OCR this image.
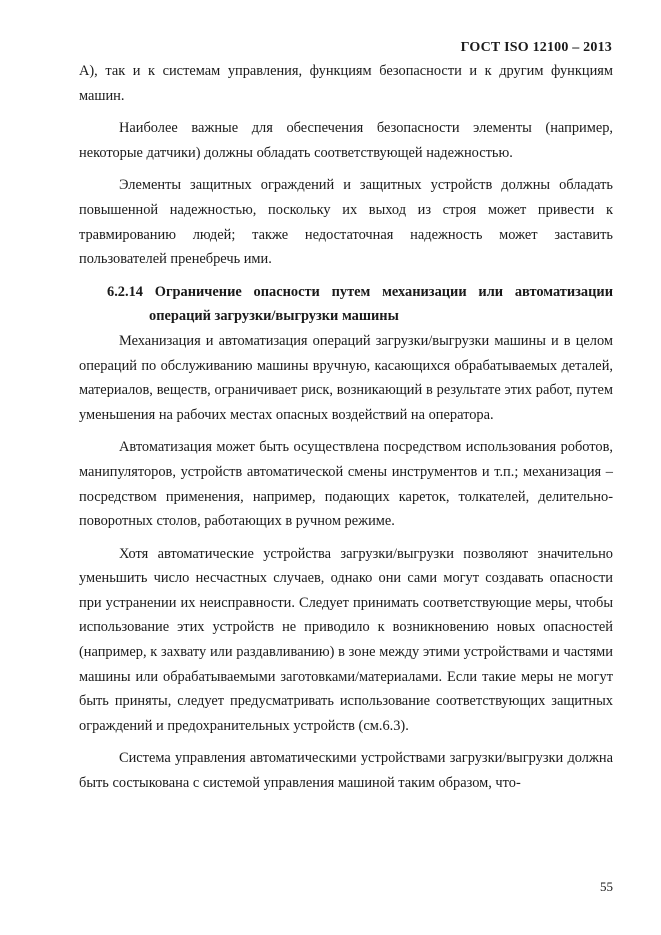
ГОСТ ISO 12100 – 2013

А), так и к системам управления, функциям безопасности и к другим функциям машин.

Наиболее важные для обеспечения безопасности элементы (например, некоторые датчики) должны обладать соответствующей надежностью.

Элементы защитных ограждений и защитных устройств должны обладать повышенной надежностью, поскольку их выход из строя может привести к травмированию людей; также недостаточная надежность может заставить пользователей пренебречь ими.

6.2.14 Ограничение опасности путем механизации или автоматизации операций загрузки/выгрузки машины

Механизация и автоматизация операций загрузки/выгрузки машины и в целом операций по обслуживанию машины вручную, касающихся обрабатываемых деталей, материалов, веществ, ограничивает риск, возникающий в результате этих работ, путем уменьшения на рабочих местах опасных воздействий на оператора.

Автоматизация может быть осуществлена посредством использования роботов, манипуляторов, устройств автоматической смены инструментов и т.п.; механизация – посредством применения, например, подающих кареток, толкателей, делительно-поворотных столов, работающих в ручном режиме.

Хотя автоматические устройства загрузки/выгрузки позволяют значительно уменьшить число несчастных случаев, однако они сами могут создавать опасности при устранении их неисправности. Следует принимать соответствующие меры, чтобы использование этих устройств не приводило к возникновению новых опасностей (например, к захвату или раздавливанию) в зоне между этими устройствами и частями машины или обрабатываемыми заготовками/материалами. Если такие меры не могут быть приняты, следует предусматривать использование соответствующих защитных ограждений и предохранительных устройств (см.6.3).

Система управления автоматическими устройствами загрузки/выгрузки должна быть состыкована с системой управления машиной таким образом, что-

55
